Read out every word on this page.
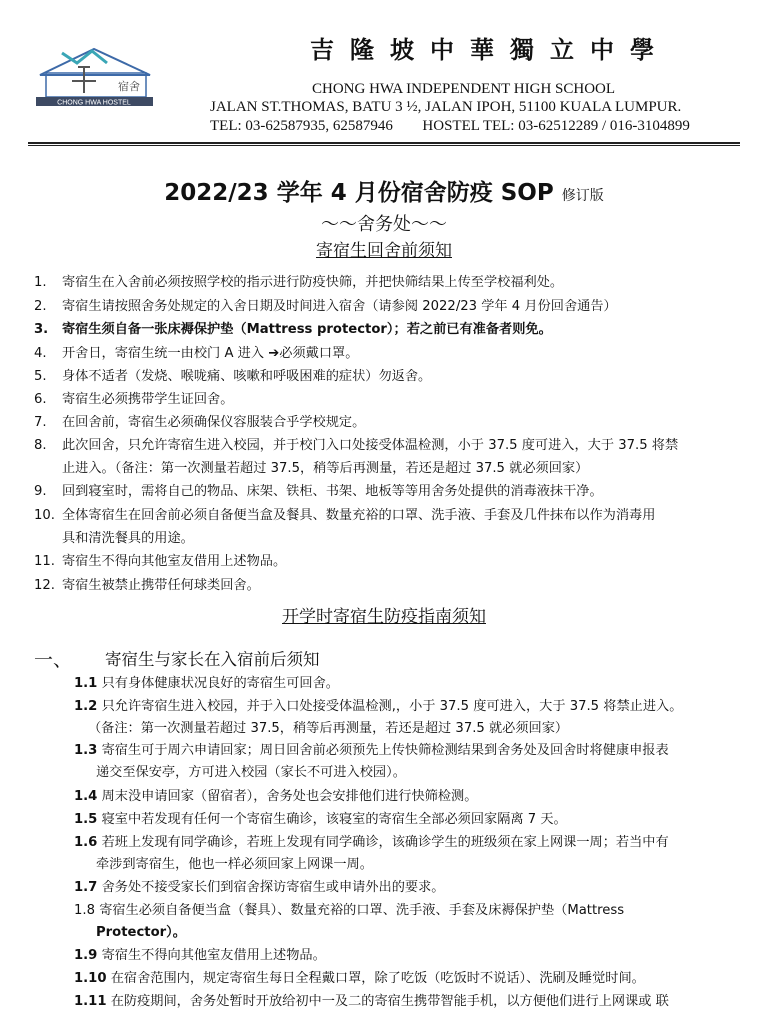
宿舍
CHONG HWA HOSTEL
吉隆坡中華獨立中學
CHONG HWA INDEPENDENT HIGH SCHOOL
JALAN ST.THOMAS, BATU 3 ½, JALAN IPOH, 51100 KUALA LUMPUR.
TEL: 03-62587935, 62587946 HOSTEL TEL: 03-62512289 / 016-3104899
2022/23 学年 4 月份宿舍防疫 SOP 修订版
～～舍务处～～
寄宿生回舍前须知
1.	寄宿生在入舍前必须按照学校的指示进行防疫快筛，并把快筛结果上传至学校福利处。
2.	寄宿生请按照舍务处规定的入舍日期及时间进入宿舍（请参阅 2022/23 学年 4 月份回舍通告）
3.	寄宿生须自备一张床褥保护垫（Mattress protector）；若之前已有准备者则免。
4.	开舍日，寄宿生统一由校门 A 进入 ➔必须戴口罩。
5.	身体不适者（发烧、喉咙痛、咳嗽和呼吸困难的症状）勿返舍。
6.	寄宿生必须携带学生证回舍。
7.	在回舍前，寄宿生必须确保仪容服装合乎学校规定。
8.	此次回舍，只允许寄宿生进入校园，并于校门入口处接受体温检测，小于 37.5 度可进入，大于 37.5 将禁
止进入。（备注：第一次测量若超过 37.5，稍等后再测量，若还是超过 37.5 就必须回家）
9.	回到寝室时，需将自己的物品、床架、铁柜、书架、地板等等用舍务处提供的消毒液抹干净。
10. 全体寄宿生在回舍前必须自备便当盒及餐具、数量充裕的口罩、洗手液、手套及几件抹布以作为消毒用
具和清洗餐具的用途。
11. 寄宿生不得向其他室友借用上述物品。
12. 寄宿生被禁止携带任何球类回舍。
开学时寄宿生防疫指南须知
一、 寄宿生与家长在入宿前后须知
1.1 只有身体健康状况良好的寄宿生可回舍。
1.2 只允许寄宿生进入校园，并于入口处接受体温检测,，小于 37.5 度可进入，大于 37.5 将禁止进入。
（备注：第一次测量若超过 37.5，稍等后再测量，若还是超过 37.5 就必须回家）
1.3 寄宿生可于周六申请回家；周日回舍前必须预先上传快筛检测结果到舍务处及回舍时将健康申报表
递交至保安亭，方可进入校园（家长不可进入校园）。
1.4 周末没申请回家（留宿者），舍务处也会安排他们进行快筛检测。
1.5 寝室中若发现有任何一个寄宿生确诊，该寝室的寄宿生全部必须回家隔离 7 天。
1.6 若班上发现有同学确诊，若班上发现有同学确诊，该确诊学生的班级须在家上网课一周；若当中有
牵涉到寄宿生，他也一样必须回家上网课一周。
1.7 舍务处不接受家长们到宿舍探访寄宿生或申请外出的要求。
1.8 寄宿生必须自备便当盒（餐具）、数量充裕的口罩、洗手液、手套及床褥保护垫（Mattress
Protector）。
1.9 寄宿生不得向其他室友借用上述物品。
1.10 在宿舍范围内，规定寄宿生每日全程戴口罩，除了吃饭（吃饭时不说话）、洗刷及睡觉时间。
1.11 在防疫期间，舍务处暂时开放给初中一及二的寄宿生携带智能手机，以方便他们进行上网课或 联
